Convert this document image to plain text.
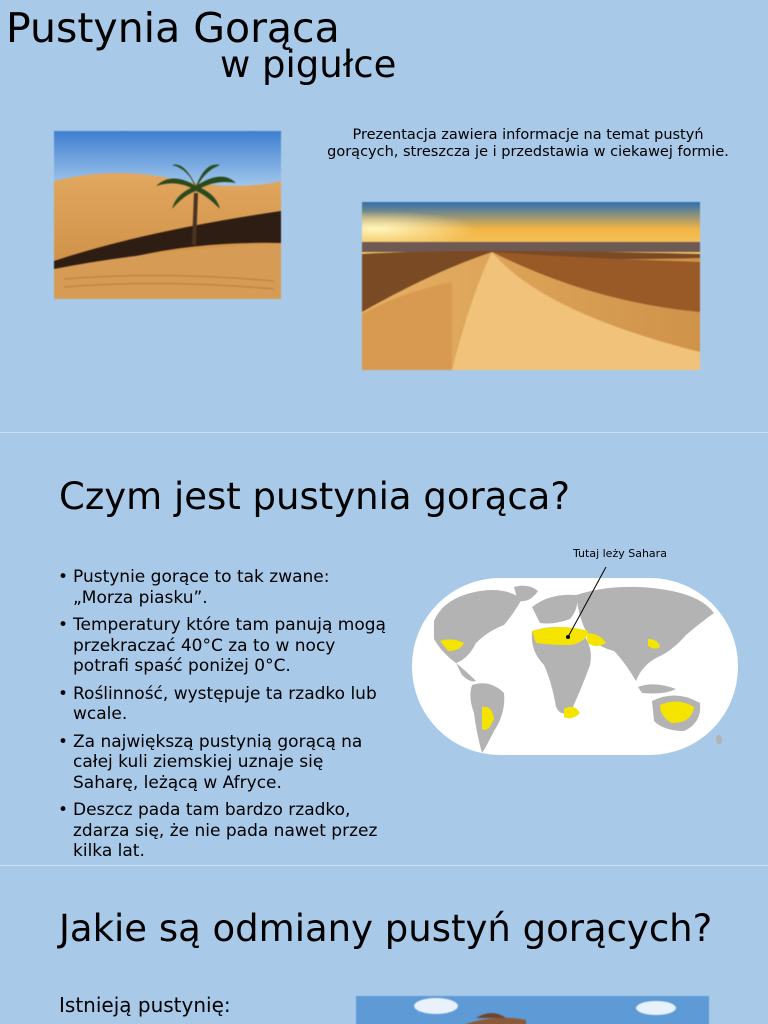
Pustynia Gorąca
w pigułce
Prezentacja zawiera informacje na temat pustyń gorących, streszcza je i przedstawia w ciekawej formie.
Czym jest pustynia gorąca?
• Pustynie gorące to tak zwane: „Morza piasku”.
• Temperatury które tam panują mogą przekraczać 40°C za to w nocy potrafi spaść poniżej 0°C.
• Roślinność, występuje ta rzadko lub wcale.
• Za największą pustynią gorącą na całej kuli ziemskiej uznaje się Saharę, leżącą w Afryce.
• Deszcz pada tam bardzo rzadko, zdarza się, że nie pada nawet przez kilka lat.
Tutaj leży Sahara
Jakie są odmiany pustyń gorących?
Istnieją pustynię:
